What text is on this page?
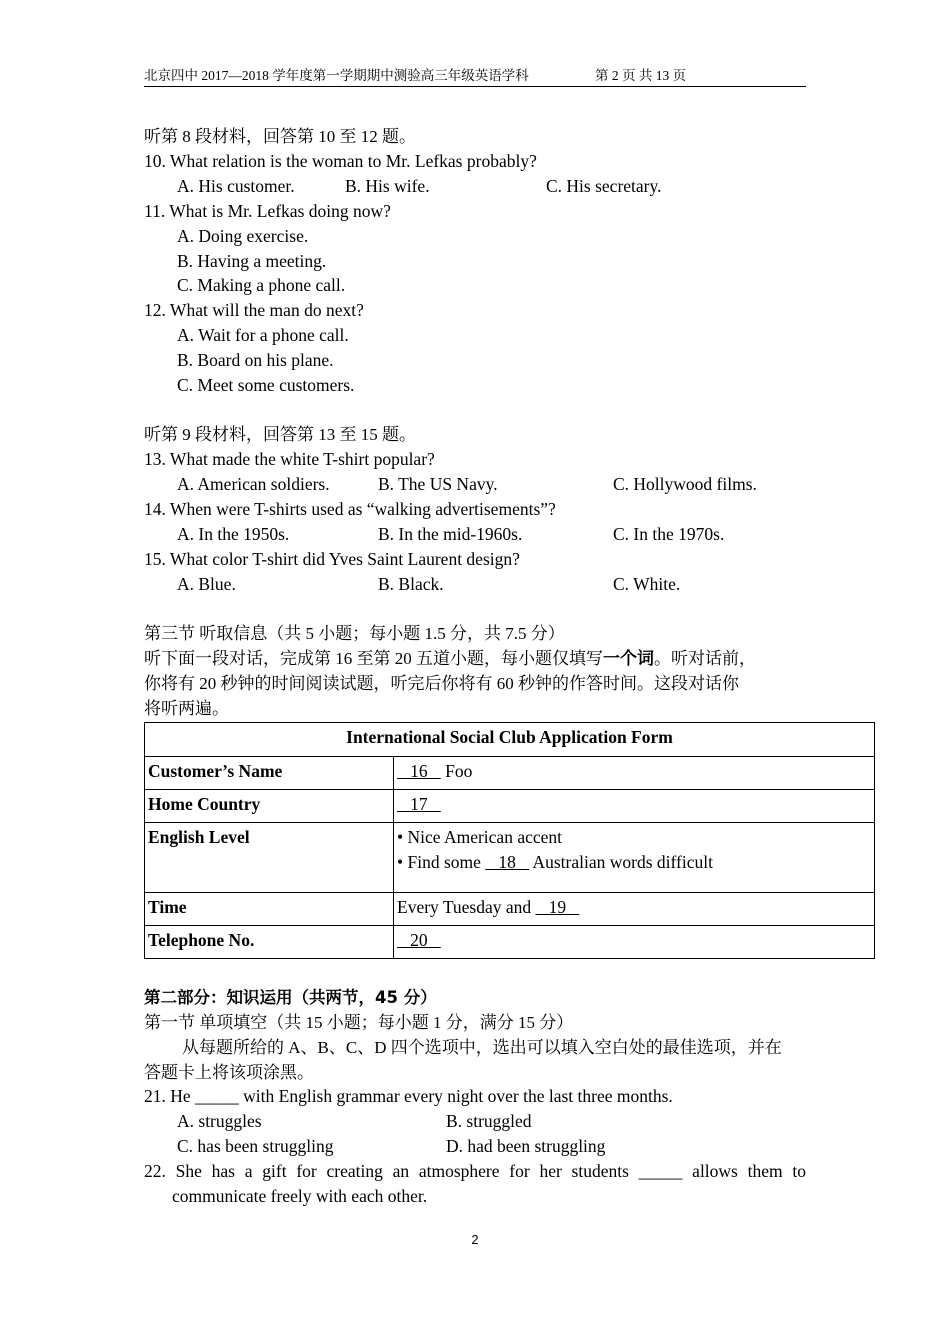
北京四中 2017—2018 学年度第一学期期中测验高三年级英语学科	第 2 页 共 13 页
听第 8 段材料，回答第 10 至 12 题。
10. What relation is the woman to Mr. Lefkas probably?
A. His customer.	B. His wife.	C. His secretary.
11. What is Mr. Lefkas doing now?
A. Doing exercise.
B. Having a meeting.
C. Making a phone call.
12. What will the man do next?
A. Wait for a phone call.
B. Board on his plane.
C. Meet some customers.
听第 9 段材料，回答第 13 至 15 题。
13. What made the white T-shirt popular?
A. American soldiers.	B. The US Navy.	C. Hollywood films.
14. When were T-shirts used as “walking advertisements”?
A. In the 1950s.	B. In the mid-1960s.	C. In the 1970s.
15. What color T-shirt did Yves Saint Laurent design?
A. Blue.	B. Black.	C. White.
第三节 听取信息（共 5 小题；每小题 1.5 分，共 7.5 分）
听下面一段对话，完成第 16 至第 20 五道小题，每小题仅填写一个词。听对话前，
你将有 20 秒钟的时间阅读试题，听完后你将有 60 秒钟的作答时间。这段对话你
将听两遍。
International Social Club Application Form	
Customer’s Name	16    Foo
Home Country	17
English Level	• Nice American accent
• Find some    18    Australian words difficult

Time	Every Tuesday and    19
Telephone No.	20
第二部分：知识运用（共两节，45 分）
第一节 单项填空（共 15 小题；每小题 1 分，满分 15 分）
从每题所给的 A、B、C、D 四个选项中，选出可以填入空白处的最佳选项，并在
答题卡上将该项涂黑。
21. He _____ with English grammar every night over the last three months.
A. struggles	B. struggled
C. has been struggling	D. had been struggling
22. She has a gift for creating an atmosphere for her students _____ allows them to
communicate freely with each other.
2
